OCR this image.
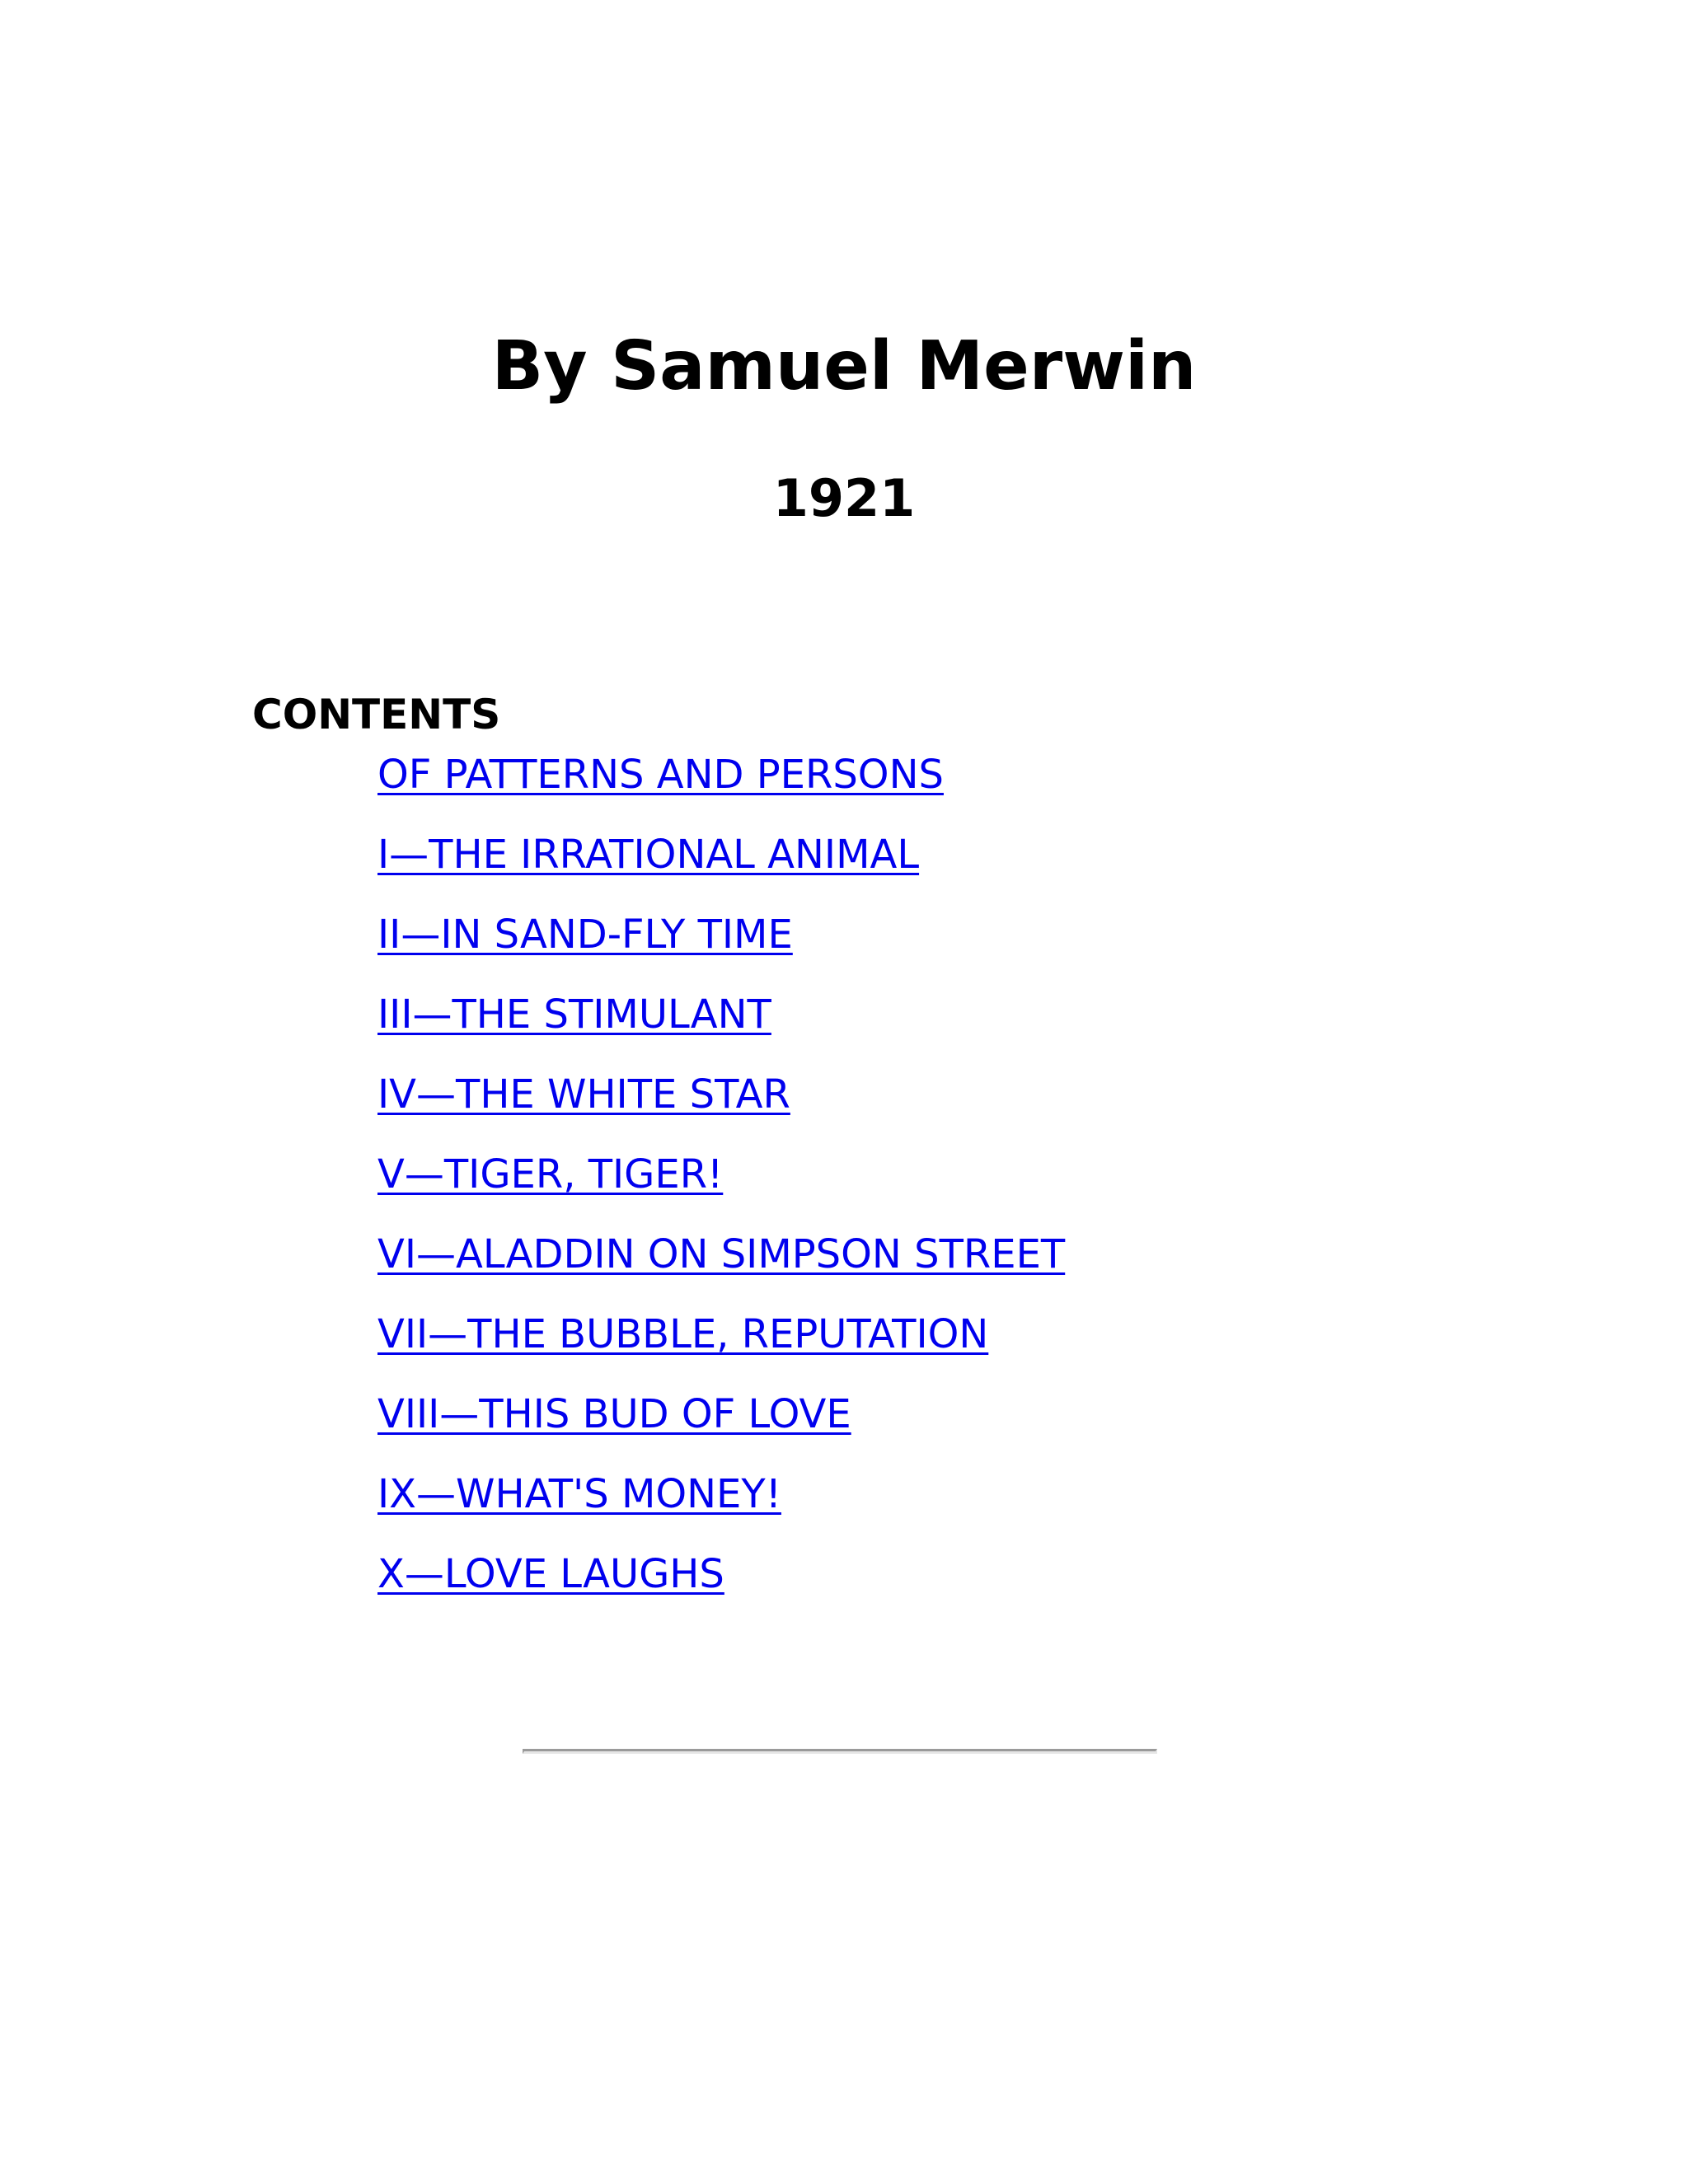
By Samuel Merwin
1921

CONTENTS

OF PATTERNS AND PERSONS
I—THE IRRATIONAL ANIMAL
II—IN SAND-FLY TIME
III—THE STIMULANT
IV—THE WHITE STAR
V—TIGER, TIGER!
VI—ALADDIN ON SIMPSON STREET
VII—THE BUBBLE, REPUTATION
VIII—THIS BUD OF LOVE
IX—WHAT'S MONEY!
X—LOVE LAUGHS
